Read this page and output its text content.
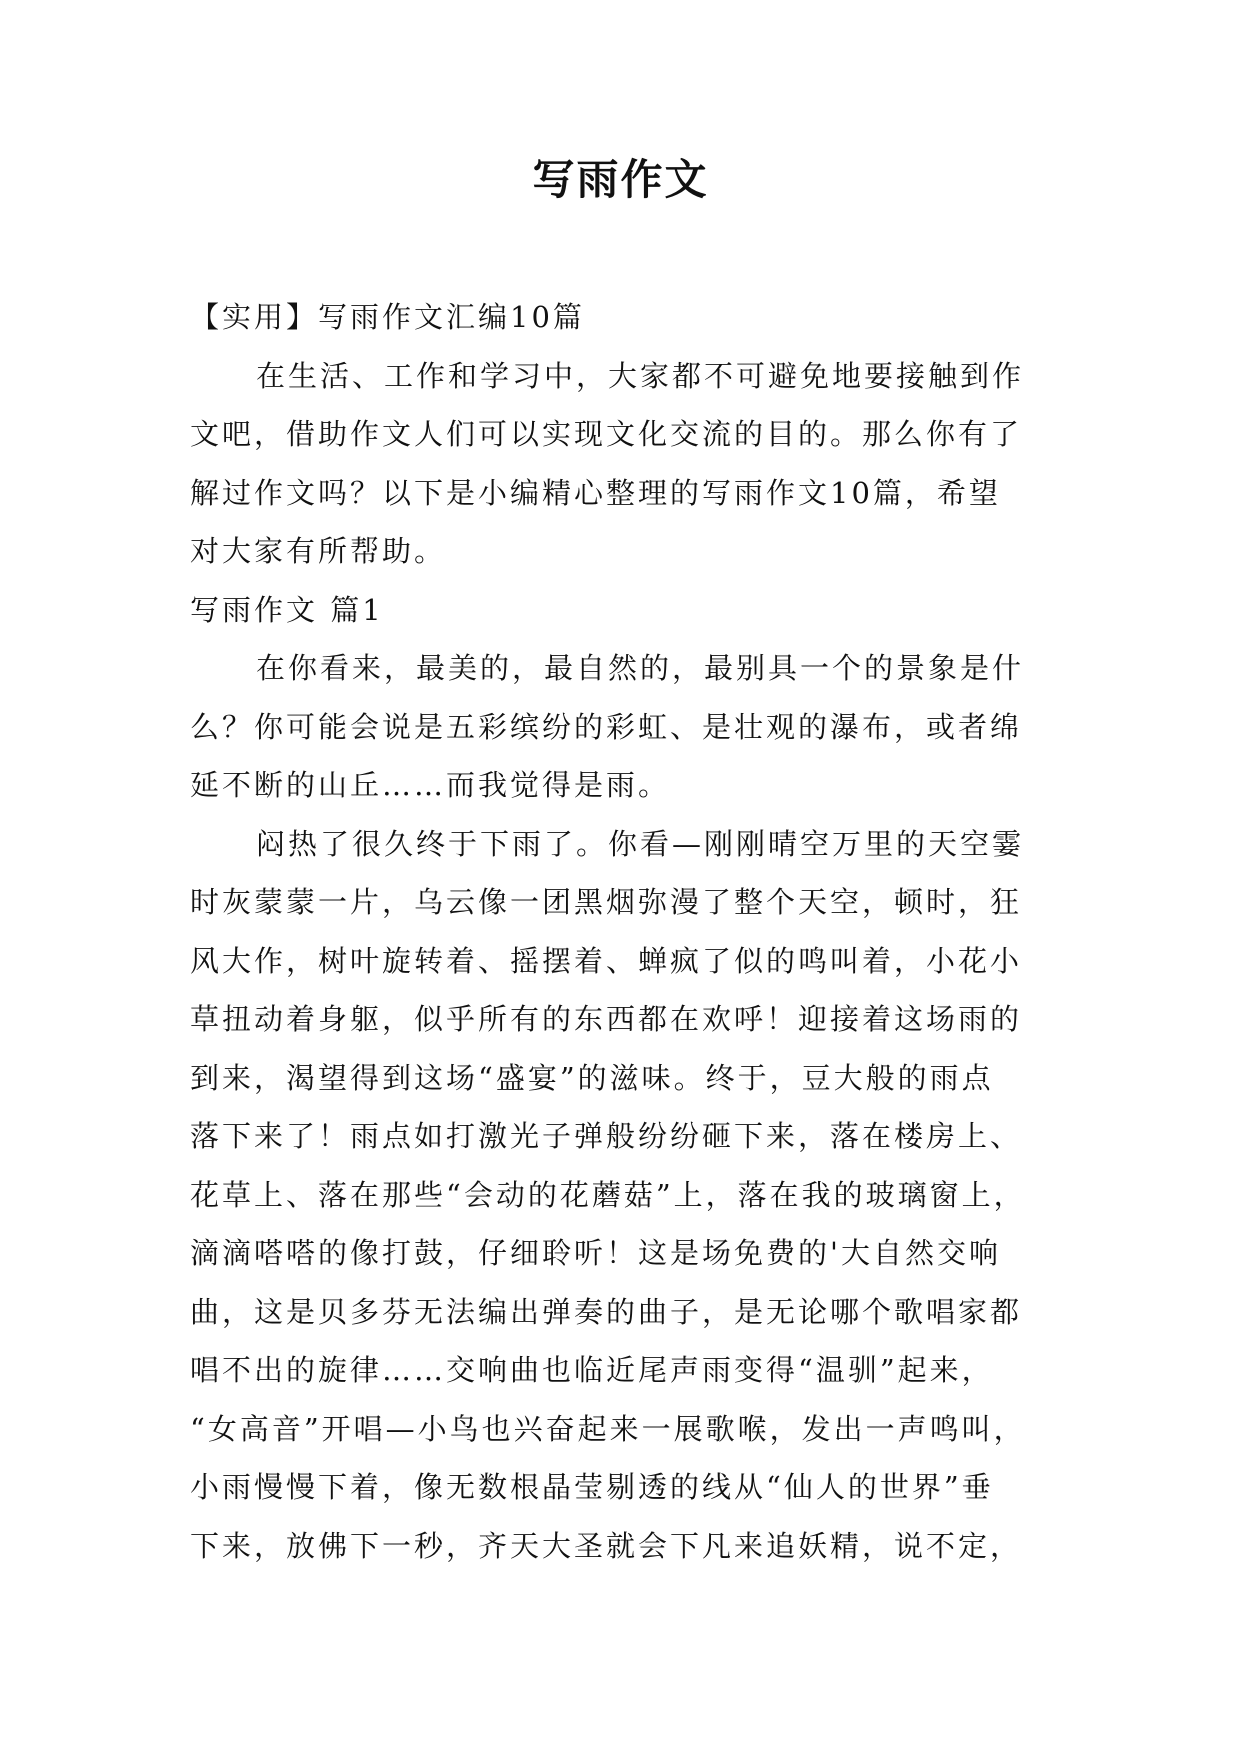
写雨作文
【实用】写雨作文汇编10篇
在生活、工作和学习中，大家都不可避免地要接触到作
文吧，借助作文人们可以实现文化交流的目的。那么你有了
解过作文吗？以下是小编精心整理的写雨作文10篇，希望
对大家有所帮助。
写雨作文 篇1
在你看来，最美的，最自然的，最别具一个的景象是什
么？你可能会说是五彩缤纷的彩虹、是壮观的瀑布，或者绵
延不断的山丘……而我觉得是雨。
闷热了很久终于下雨了。你看—刚刚晴空万里的天空霎
时灰蒙蒙一片，乌云像一团黑烟弥漫了整个天空，顿时，狂
风大作，树叶旋转着、摇摆着、蝉疯了似的鸣叫着，小花小
草扭动着身躯，似乎所有的东西都在欢呼！迎接着这场雨的
到来，渴望得到这场“盛宴”的滋味。终于，豆大般的雨点
落下来了！雨点如打激光子弹般纷纷砸下来，落在楼房上、
花草上、落在那些“会动的花蘑菇”上，落在我的玻璃窗上，
滴滴嗒嗒的像打鼓，仔细聆听！这是场免费的'大自然交响
曲，这是贝多芬无法编出弹奏的曲子，是无论哪个歌唱家都
唱不出的旋律……交响曲也临近尾声雨变得“温驯”起来，
“女高音”开唱—小鸟也兴奋起来一展歌喉，发出一声鸣叫，
小雨慢慢下着，像无数根晶莹剔透的线从“仙人的世界”垂
下来，放佛下一秒，齐天大圣就会下凡来追妖精，说不定，
